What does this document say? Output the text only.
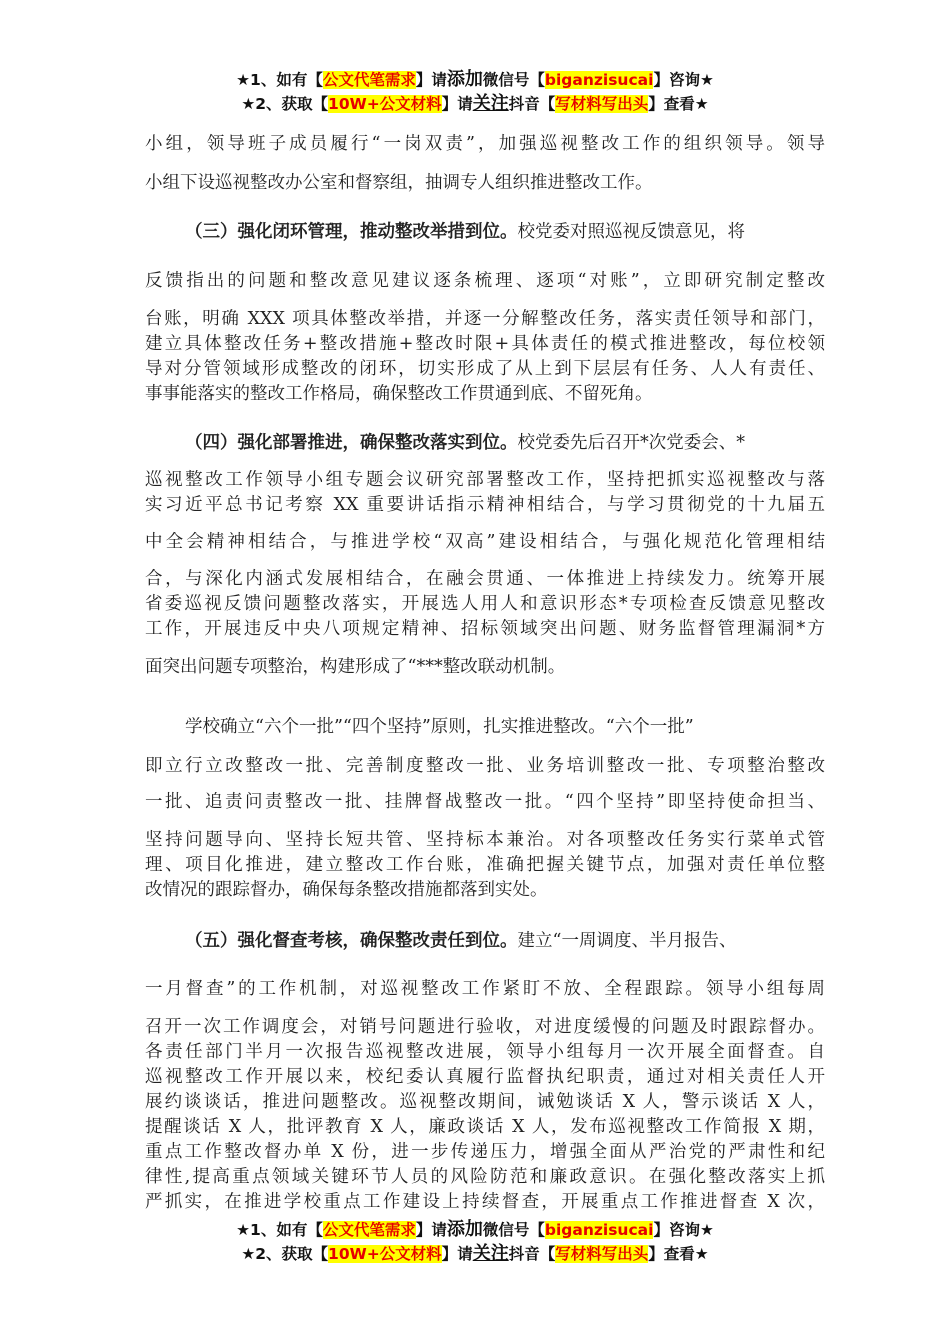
★1、如有【公文代笔需求】请添加微信号【biganzisucai】咨询★
★2、获取【10W+公文材料】请关注抖音【写材料写出头】查看★
小组，领导班子成员履行“一岗双责”，加强巡视整改工作的组织领导。领导
小组下设巡视整改办公室和督察组，抽调专人组织推进整改工作。
（三）强化闭环管理，推动整改举措到位。校党委对照巡视反馈意见，将
反馈指出的问题和整改意见建议逐条梳理、逐项“对账”，立即研究制定整改
台账，明确 XXX 项具体整改举措，并逐一分解整改任务，落实责任领导和部门，
建立具体整改任务+整改措施+整改时限+具体责任的模式推进整改，每位校领
导对分管领域形成整改的闭环，切实形成了从上到下层层有任务、人人有责任、
事事能落实的整改工作格局，确保整改工作贯通到底、不留死角。
（四）强化部署推进，确保整改落实到位。校党委先后召开*次党委会、*
巡视整改工作领导小组专题会议研究部署整改工作，坚持把抓实巡视整改与落
实习近平总书记考察 XX 重要讲话指示精神相结合，与学习贯彻党的十九届五
中全会精神相结合，与推进学校“双高”建设相结合，与强化规范化管理相结
合，与深化内涵式发展相结合，在融会贯通、一体推进上持续发力。统筹开展
省委巡视反馈问题整改落实，开展选人用人和意识形态*专项检查反馈意见整改
工作，开展违反中央八项规定精神、招标领域突出问题、财务监督管理漏洞*方
面突出问题专项整治，构建形成了“***整改联动机制。
学校确立“六个一批”“四个坚持”原则，扎实推进整改。“六个一批”
即立行立改整改一批、完善制度整改一批、业务培训整改一批、专项整治整改
一批、追责问责整改一批、挂牌督战整改一批。“四个坚持”即坚持使命担当、
坚持问题导向、坚持长短共管、坚持标本兼治。对各项整改任务实行菜单式管
理、项目化推进，建立整改工作台账，准确把握关键节点，加强对责任单位整
改情况的跟踪督办，确保每条整改措施都落到实处。
（五）强化督查考核，确保整改责任到位。建立“一周调度、半月报告、
一月督查”的工作机制，对巡视整改工作紧盯不放、全程跟踪。领导小组每周
召开一次工作调度会，对销号问题进行验收，对进度缓慢的问题及时跟踪督办。
各责任部门半月一次报告巡视整改进展，领导小组每月一次开展全面督查。自
巡视整改工作开展以来，校纪委认真履行监督执纪职责，通过对相关责任人开
展约谈谈话，推进问题整改。巡视整改期间，诫勉谈话 X 人，警示谈话 X 人，
提醒谈话 X 人，批评教育 X 人，廉政谈话 X 人，发布巡视整改工作简报 X 期，
重点工作整改督办单 X 份，进一步传递压力，增强全面从严治党的严肃性和纪
律性,提高重点领域关键环节人员的风险防范和廉政意识。在强化整改落实上抓
严抓实，在推进学校重点工作建设上持续督查，开展重点工作推进督查 X 次，
★1、如有【公文代笔需求】请添加微信号【biganzisucai】咨询★
★2、获取【10W+公文材料】请关注抖音【写材料写出头】查看★
